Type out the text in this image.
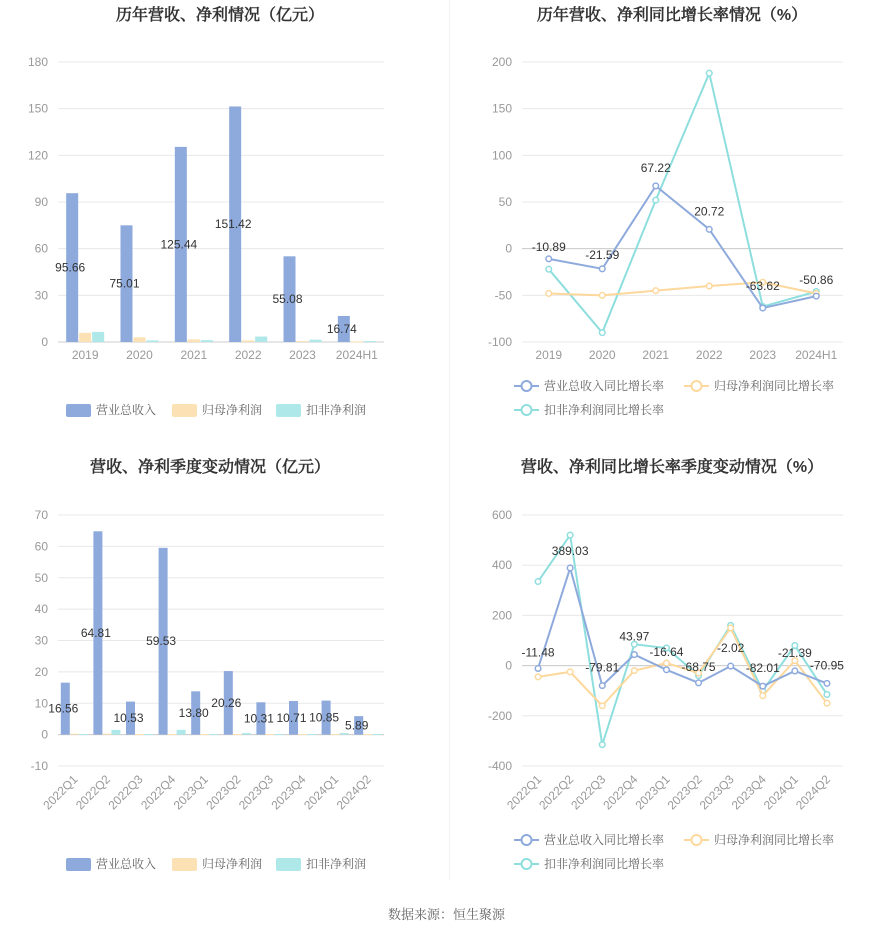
历年营收、净利情况（亿元）
0
30
60
90
120
150
180
2019 2020 2021 2022 2023 2024H1
95.66
75.01
125.44
151.42
55.08
16.74
营业总收入	归母净利润	扣非净利润
历年营收、净利同比增长率情况（%）
-100
-50
0
50
100
150
200
2019 2020 2021 2022 2023 2024H1
-10.89
-21.59
67.22
20.72
-63.62 -50.86
营业总收入同比增长率	归母净利润同比增长率
扣非净利润同比增长率
营收、净利季度变动情况（亿元）
-10
0
10
20
30
40
50
60
70
2022Q1
2022Q2
2022Q3
2022Q4
2023Q1
2023Q2
2023Q3
2023Q4
2024Q1
2024Q2
16.56
64.81
10.53
59.53
13.80
20.26
10.31 10.71 10.85
5.89
营业总收入	归母净利润	扣非净利润
营收、净利同比增长率季度变动情况（%）
-400
-200
0
200
400
600
2022Q1
2022Q2
2022Q3
2022Q4
2023Q1
2023Q2
2023Q3
2023Q4
2024Q1
2024Q2
-11.48
389.03
-79.81
43.97
-16.64
-68.75
-2.02
-82.01
-21.39
-70.95
营业总收入同比增长率	归母净利润同比增长率
扣非净利润同比增长率
数据来源：恒生聚源
